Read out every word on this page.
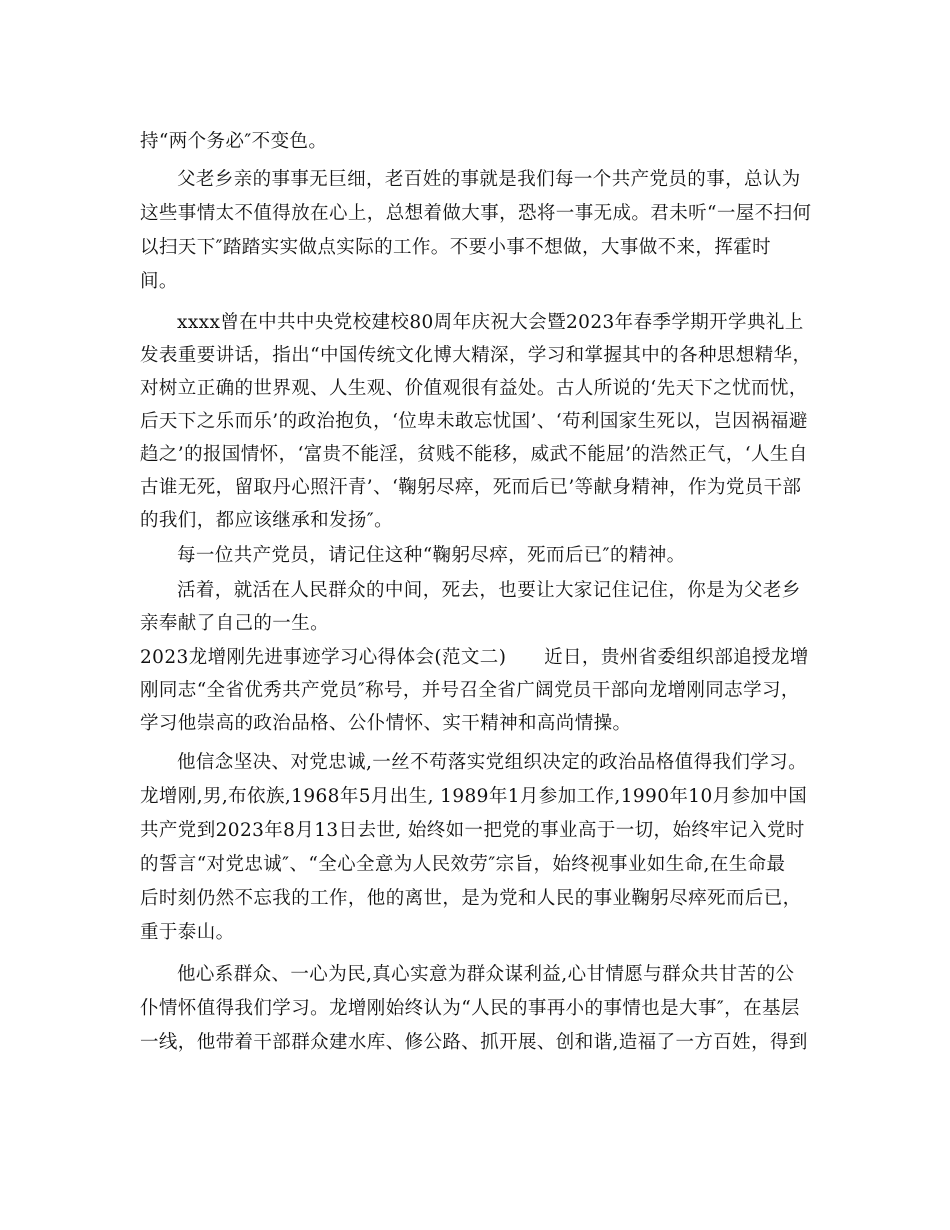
持“两个务必″不变色。
父老乡亲的事事无巨细，老百姓的事就是我们每一个共产党员的事，总认为
这些事情太不值得放在心上，总想着做大事，恐将一事无成。君未听“一屋不扫何
以扫天下″踏踏实实做点实际的工作。不要小事不想做，大事做不来，挥霍时
间。
xxxx曾在中共中央党校建校80周年庆祝大会暨2023年春季学期开学典礼上
发表重要讲话，指出“中国传统文化博大精深，学习和掌握其中的各种思想精华，
对树立正确的世界观、人生观、价值观很有益处。古人所说的‘先天下之忧而忧，
后天下之乐而乐’的政治抱负，‘位卑未敢忘忧国’、‘苟利国家生死以，岂因祸福避
趋之’的报国情怀，‘富贵不能淫，贫贱不能移，威武不能屈’的浩然正气，‘人生自
古谁无死，留取丹心照汗青’、‘鞠躬尽瘁，死而后已’等献身精神，作为党员干部
的我们，都应该继承和发扬″。
每一位共产党员，请记住这种“鞠躬尽瘁，死而后已″的精神。
活着，就活在人民群众的中间，死去，也要让大家记住记住，你是为父老乡
亲奉献了自己的一生。
2023龙增刚先进事迹学习心得体会(范文二)　　近日，贵州省委组织部追授龙增
刚同志“全省优秀共产党员″称号，并号召全省广阔党员干部向龙增刚同志学习，
学习他崇高的政治品格、公仆情怀、实干精神和高尚情操。
他信念坚决、对党忠诚,一丝不苟落实党组织决定的政治品格值得我们学习。
龙增刚,男,布依族,1968年5月出生, 1989年1月参加工作,1990年10月参加中国
共产党到2023年8月13日去世, 始终如一把党的事业高于一切，始终牢记入党时
的誓言“对党忠诚″、“全心全意为人民效劳″宗旨，始终视事业如生命,在生命最
后时刻仍然不忘我的工作，他的离世，是为党和人民的事业鞠躬尽瘁死而后已，
重于泰山。
他心系群众、一心为民,真心实意为群众谋利益,心甘情愿与群众共甘苦的公
仆情怀值得我们学习。龙增刚始终认为“人民的事再小的事情也是大事″，在基层
一线，他带着干部群众建水库、修公路、抓开展、创和谐,造福了一方百姓，得到
